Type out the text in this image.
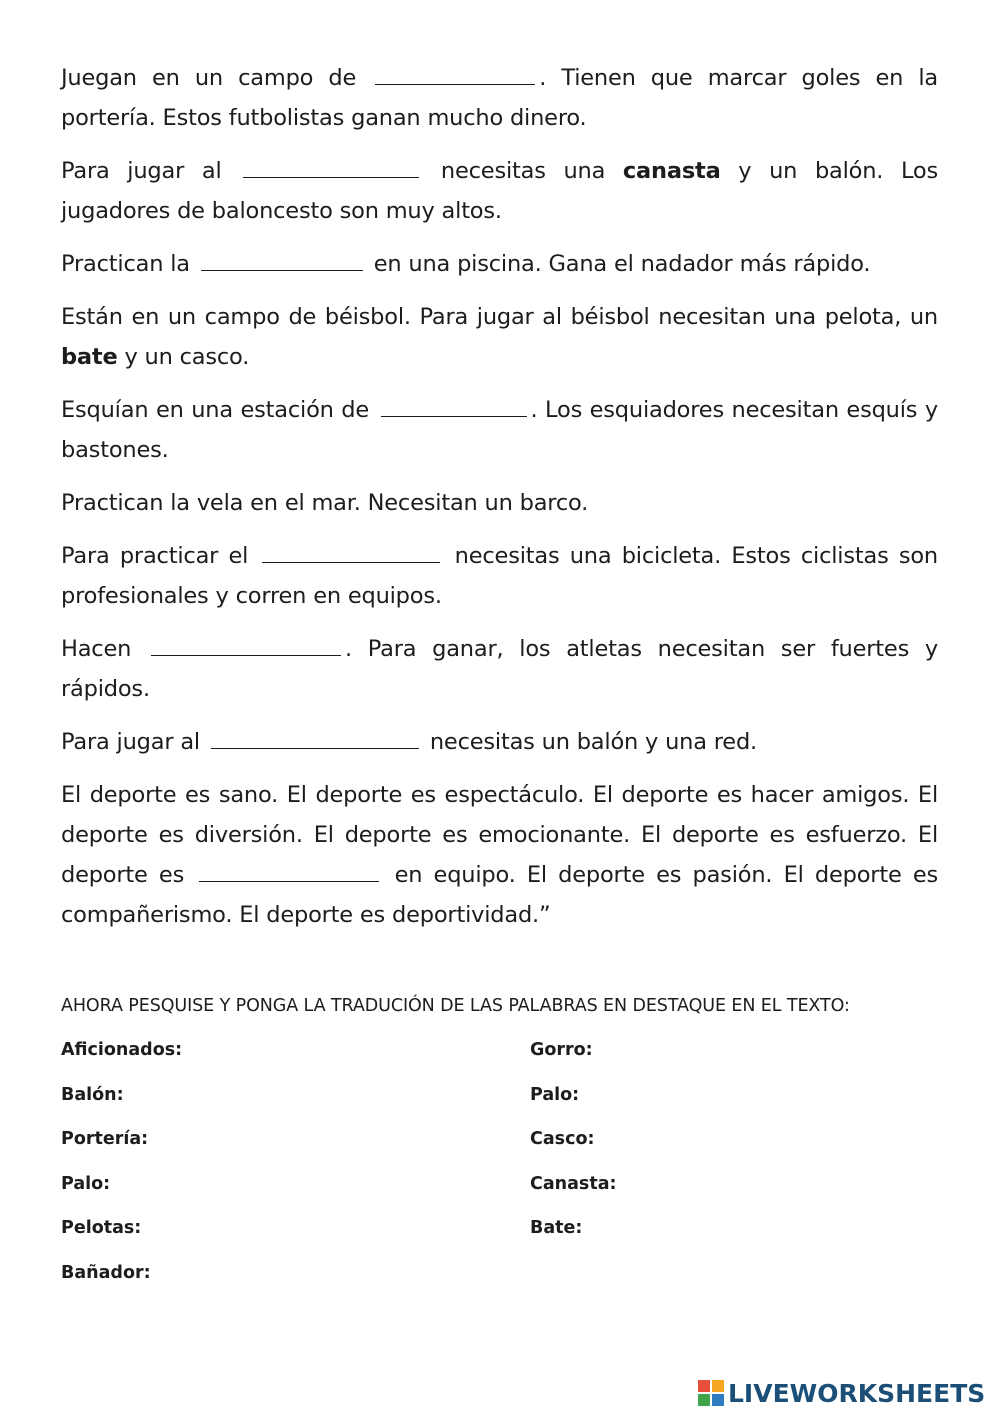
Juegan en un campo de	. Tienen que marcar goles en la portería. Estos futbolistas ganan mucho dinero.

Para jugar al	necesitas una canasta y un balón. Los jugadores de baloncesto son muy altos.

Practican la	en una piscina. Gana el nadador más rápido.

Están en un campo de béisbol. Para jugar al béisbol necesitan una pelota, un bate y un casco.

Esquían en una estación de	. Los esquiadores necesitan esquís y bastones.

Practican la vela en el mar. Necesitan un barco.

Para practicar el	necesitas una bicicleta. Estos ciclistas son profesionales y corren en equipos.

Hacen	. Para ganar, los atletas necesitan ser fuertes y rápidos.

Para jugar al	necesitas un balón y una red.

El deporte es sano. El deporte es espectáculo. El deporte es hacer amigos. El deporte es diversión. El deporte es emocionante. El deporte es esfuerzo. El deporte es	en equipo. El deporte es pasión. El deporte es compañerismo. El deporte es deportividad.”

AHORA PESQUISE Y PONGA LA TRADUCIÓN DE LAS PALABRAS EN DESTAQUE EN EL TEXTO:
Aficionados:	Gorro:
Balón:	Palo:
Portería:	Casco:
Palo:	Canasta:
Pelotas:	Bate:
Bañador:
LIVEWORKSHEETS
